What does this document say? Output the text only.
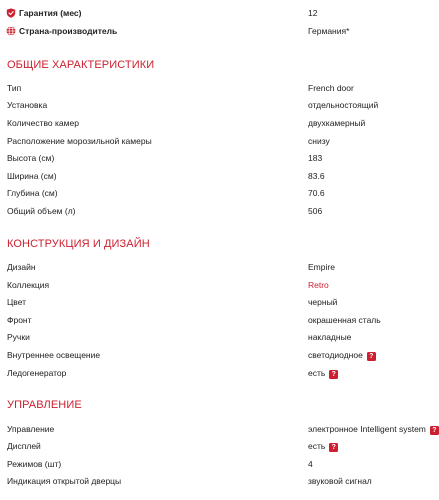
Гарантия (мес)	12
Страна-производитель	Германия*
ОБЩИЕ ХАРАКТЕРИСТИКИ
Тип	French door
Установка	отдельностоящий
Количество камер	двухкамерный
Расположение морозильной камеры	снизу
Высота (см)	183
Ширина (см)	83.6
Глубина (см)	70.6
Общий объем (л)	506
КОНСТРУКЦИЯ И ДИЗАЙН
Дизайн	Empire
Коллекция	Retro
Цвет	черный
Фронт	окрашенная сталь
Ручки	накладные
Внутреннее освещение	светодиодное ?
Ледогенератор	есть ?
УПРАВЛЕНИЕ
Управление	электронное Intelligent system ?
Дисплей	есть ?
Режимов (шт)	4
Индикация открытой дверцы	звуковой сигнал
